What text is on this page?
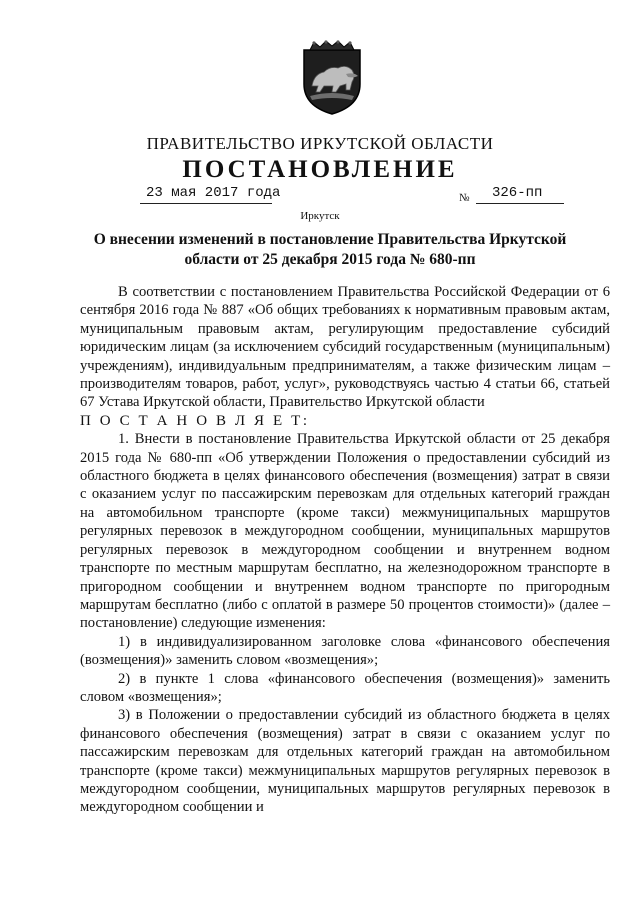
ПРАВИТЕЛЬСТВО ИРКУТСКОЙ ОБЛАСТИ
ПОСТАНОВЛЕНИЕ
23 мая 2017 года	№ 326-пп
Иркутск
О внесении изменений в постановление Правительства Иркутской области от 25 декабря 2015 года № 680-пп

В соответствии с постановлением Правительства Российской Федерации от 6 сентября 2016 года № 887 «Об общих требованиях к нормативным правовым актам, муниципальным правовым актам, регулирующим предоставление субсидий юридическим лицам (за исключением субсидий государственным (муниципальным) учреждениям), индивидуальным предпринимателям, а также физическим лицам – производителям товаров, работ, услуг», руководствуясь частью 4 статьи 66, статьей 67 Устава Иркутской области, Правительство Иркутской области

П О С Т А Н О В Л Я Е Т:

1. Внести в постановление Правительства Иркутской области от 25 декабря 2015 года № 680-пп «Об утверждении Положения о предоставлении субсидий из областного бюджета в целях финансового обеспечения (возмещения) затрат в связи с оказанием услуг по пассажирским перевозкам для отдельных категорий граждан на автомобильном транспорте (кроме такси) межмуниципальных маршрутов регулярных перевозок в междугородном сообщении, муниципальных маршрутов регулярных перевозок в междугородном сообщении и внутреннем водном транспорте по местным маршрутам бесплатно, на железнодорожном транспорте в пригородном сообщении и внутреннем водном транспорте по пригородным маршрутам бесплатно (либо с оплатой в размере 50 процентов стоимости)» (далее – постановление) следующие изменения:

1) в индивидуализированном заголовке слова «финансового обеспечения (возмещения)» заменить словом «возмещения»;

2) в пункте 1 слова «финансового обеспечения (возмещения)» заменить словом «возмещения»;

3) в Положении о предоставлении субсидий из областного бюджета в целях финансового обеспечения (возмещения) затрат в связи с оказанием услуг по пассажирским перевозкам для отдельных категорий граждан на автомобильном транспорте (кроме такси) межмуниципальных маршрутов регулярных перевозок в междугородном сообщении, муниципальных маршрутов регулярных перевозок в междугородном сообщении и
